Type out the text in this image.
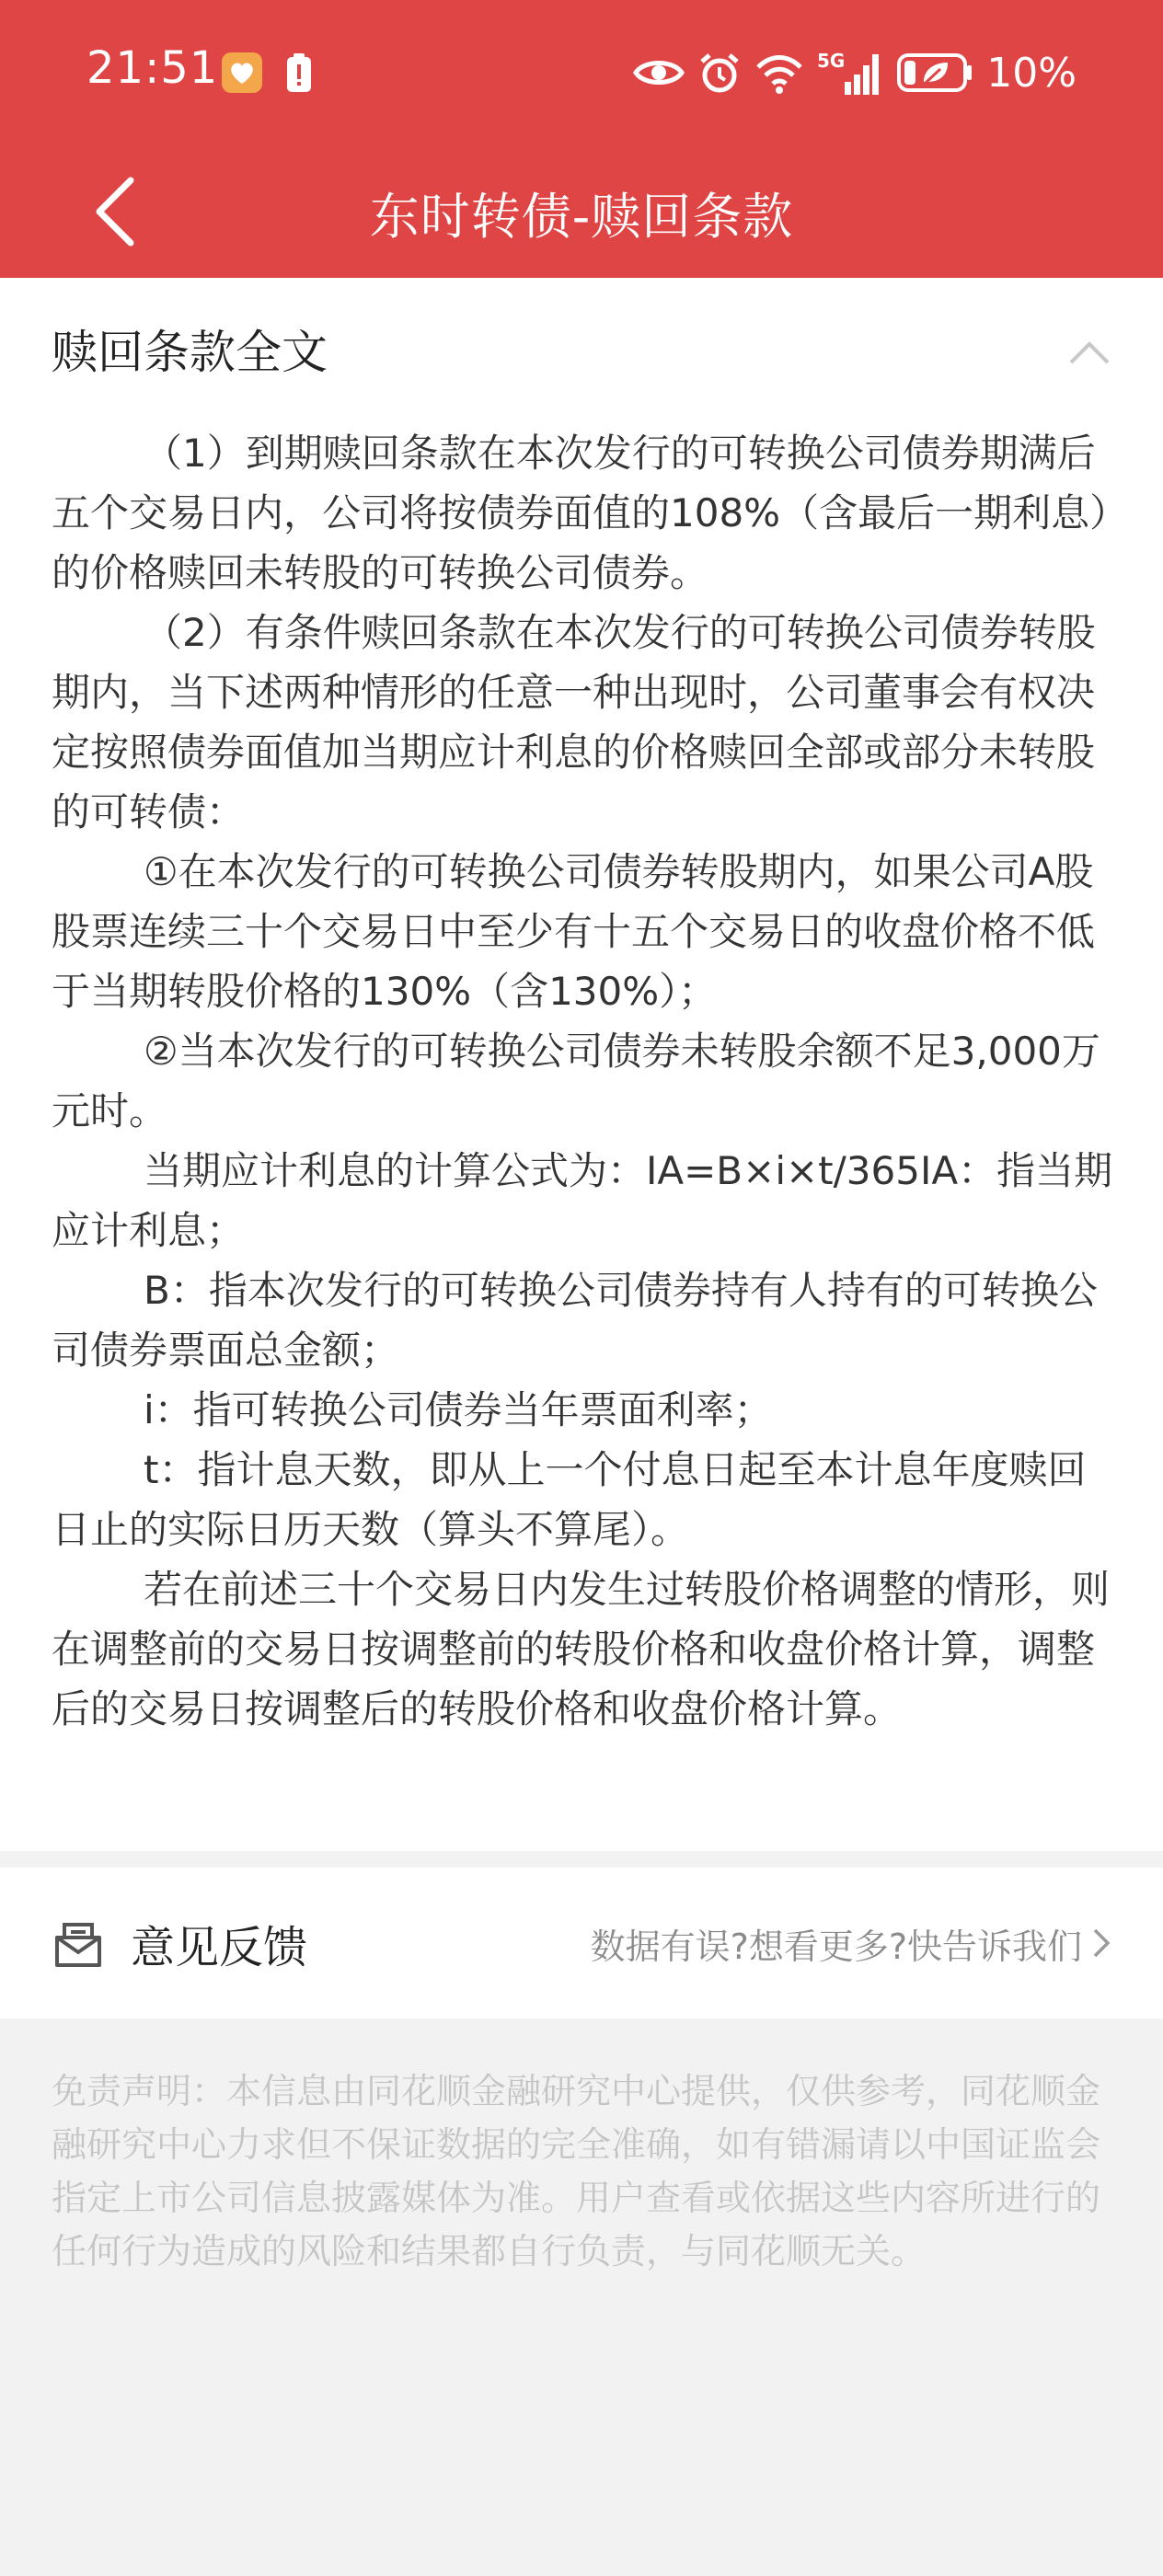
21:51	5G	10%
东时转债-赎回条款
赎回条款全文

（1）到期赎回条款在本次发行的可转换公司债券期满后五个交易日内，公司将按债券面值的108%（含最后一期利息）的价格赎回未转股的可转换公司债券。

（2）有条件赎回条款在本次发行的可转换公司债券转股期内，当下述两种情形的任意一种出现时，公司董事会有权决定按照债券面值加当期应计利息的价格赎回全部或部分未转股的可转债：

①在本次发行的可转换公司债券转股期内，如果公司A股股票连续三十个交易日中至少有十五个交易日的收盘价格不低于当期转股价格的130%（含130%）；

②当本次发行的可转换公司债券未转股余额不足3,000万元时。

当期应计利息的计算公式为：IA=B×i×t/365IA：指当期应计利息；

B：指本次发行的可转换公司债券持有人持有的可转换公司债券票面总金额；

i：指可转换公司债券当年票面利率；

t：指计息天数，即从上一个付息日起至本计息年度赎回日止的实际日历天数（算头不算尾）。

若在前述三十个交易日内发生过转股价格调整的情形，则在调整前的交易日按调整前的转股价格和收盘价格计算，调整后的交易日按调整后的转股价格和收盘价格计算。

意见反馈	数据有误?想看更多?快告诉我们
免责声明：本信息由同花顺金融研究中心提供，仅供参考，同花顺金融研究中心力求但不保证数据的完全准确，如有错漏请以中国证监会指定上市公司信息披露媒体为准。用户查看或依据这些内容所进行的任何行为造成的风险和结果都自行负责，与同花顺无关。
